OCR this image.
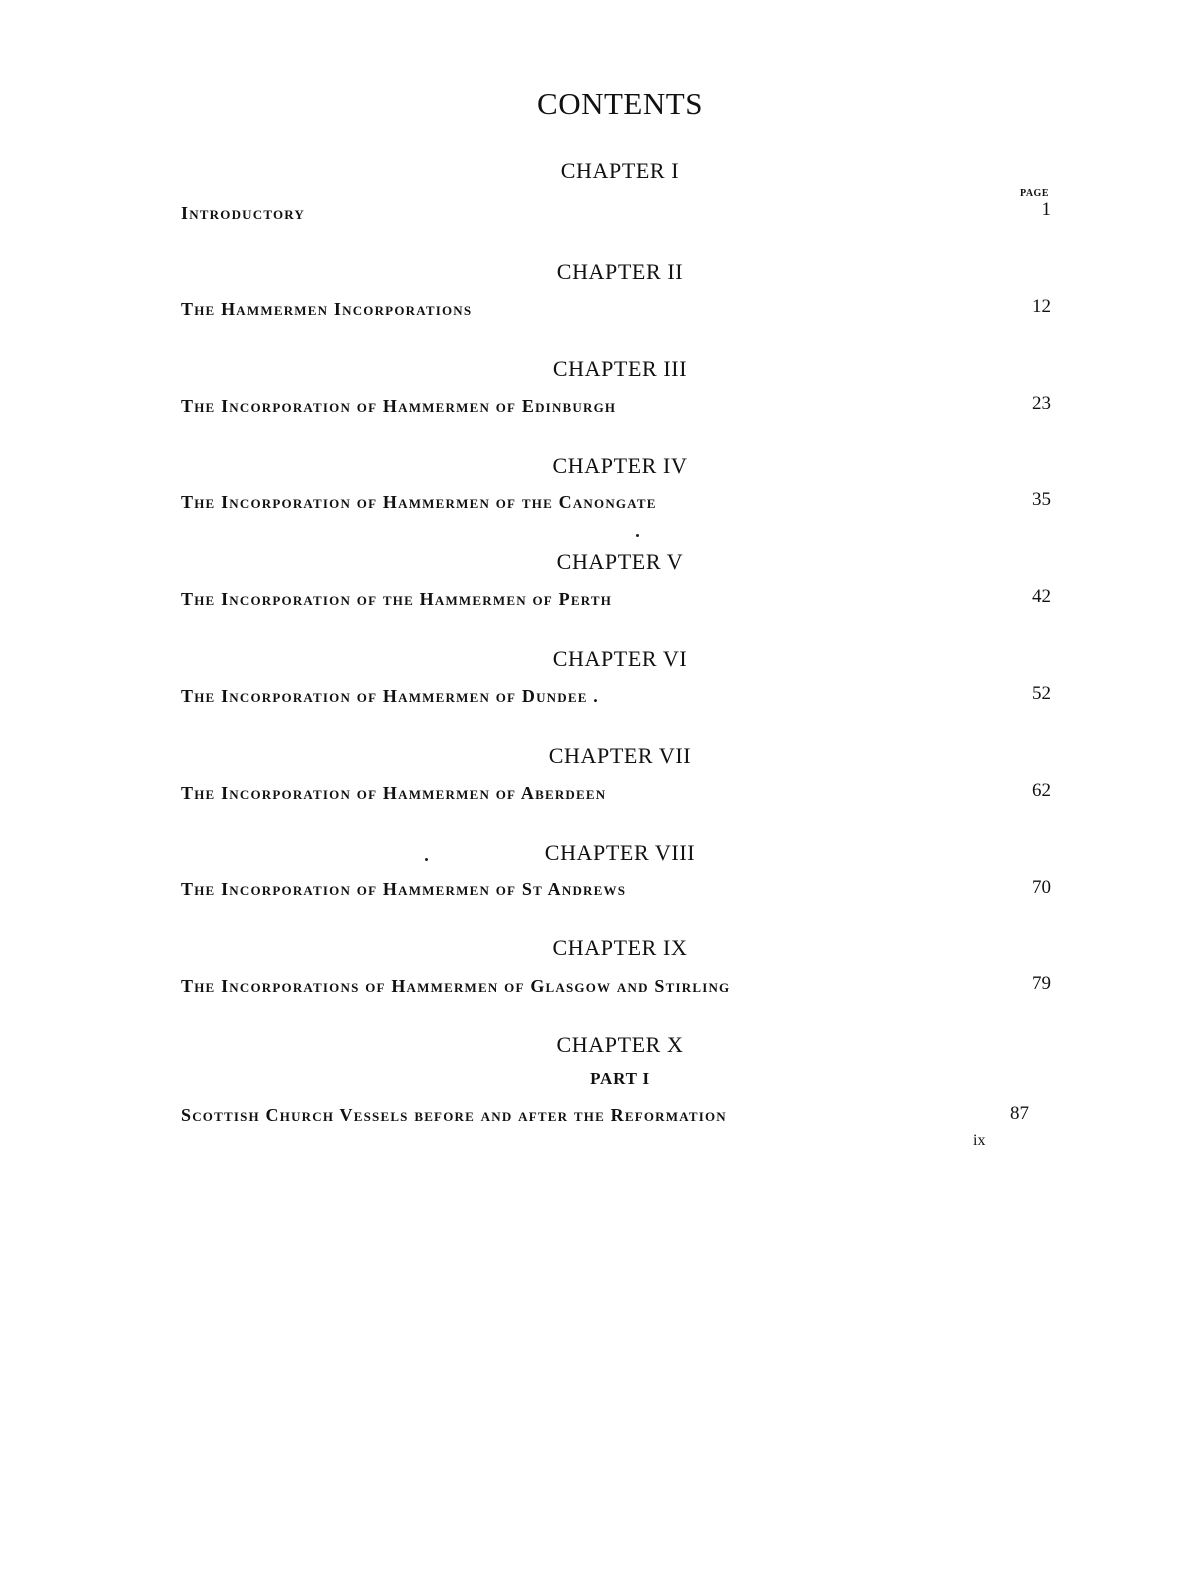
CONTENTS
CHAPTER I
PAGE
Introductory	1
CHAPTER II
The Hammermen Incorporations	12
CHAPTER III
The Incorporation of Hammermen of Edinburgh	23
CHAPTER IV
The Incorporation of Hammermen of the Canongate	35
CHAPTER V
The Incorporation of the Hammermen of Perth	42
CHAPTER VI
The Incorporation of Hammermen of Dundee .	52
CHAPTER VII
The Incorporation of Hammermen of Aberdeen	62
CHAPTER VIII
The Incorporation of Hammermen of St Andrews	70
CHAPTER IX
The Incorporations of Hammermen of Glasgow and Stirling	79
CHAPTER X
PART I
Scottish Church Vessels before and after the Reformation	87
ix
